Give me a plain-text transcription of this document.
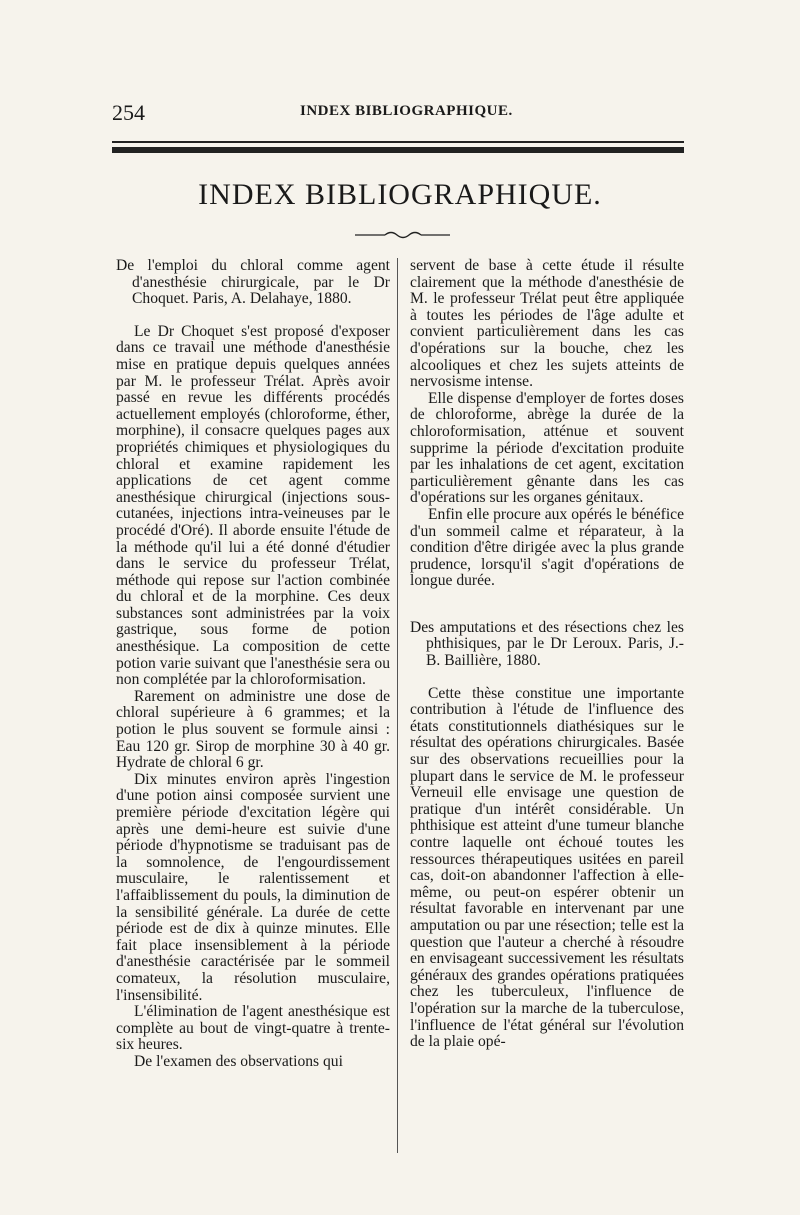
254	INDEX BIBLIOGRAPHIQUE.
INDEX BIBLIOGRAPHIQUE.

De l'emploi du chloral comme agent d'anesthésie chirurgicale, par le Dr Choquet. Paris, A. Delahaye, 1880.

Le Dr Choquet s'est proposé d'exposer dans ce travail une méthode d'anesthésie mise en pratique depuis quelques années par M. le professeur Trélat. Après avoir passé en revue les différents procédés actuellement employés (chloroforme, éther, morphine), il consacre quelques pages aux propriétés chimiques et physiologiques du chloral et examine rapidement les applications de cet agent comme anesthésique chirurgical (injections sous-cutanées, injections intra-veineuses par le procédé d'Oré). Il aborde ensuite l'étude de la méthode qu'il lui a été donné d'étudier dans le service du professeur Trélat, méthode qui repose sur l'action combinée du chloral et de la morphine. Ces deux substances sont administrées par la voix gastrique, sous forme de potion anesthésique. La composition de cette potion varie suivant que l'anesthésie sera ou non complétée par la chloroformisation.

Rarement on administre une dose de chloral supérieure à 6 grammes; et la potion le plus souvent se formule ainsi : Eau 120 gr. Sirop de morphine 30 à 40 gr. Hydrate de chloral 6 gr.

Dix minutes environ après l'ingestion d'une potion ainsi composée survient une première période d'excitation légère qui après une demi-heure est suivie d'une période d'hypnotisme se traduisant pas de la somnolence, de l'engourdissement musculaire, le ralentissement et l'affaiblissement du pouls, la diminution de la sensibilité générale. La durée de cette période est de dix à quinze minutes. Elle fait place insensiblement à la période d'anesthésie caractérisée par le sommeil comateux, la résolution musculaire, l'insensibilité.

L'élimination de l'agent anesthésique est complète au bout de vingt-quatre à trente-six heures.

De l'examen des observations qui

servent de base à cette étude il résulte clairement que la méthode d'anesthésie de M. le professeur Trélat peut être appliquée à toutes les périodes de l'âge adulte et convient particulièrement dans les cas d'opérations sur la bouche, chez les alcooliques et chez les sujets atteints de nervosisme intense.

Elle dispense d'employer de fortes doses de chloroforme, abrège la durée de la chloroformisation, atténue et souvent supprime la période d'excitation produite par les inhalations de cet agent, excitation particulièrement gênante dans les cas d'opérations sur les organes génitaux.

Enfin elle procure aux opérés le bénéfice d'un sommeil calme et réparateur, à la condition d'être dirigée avec la plus grande prudence, lorsqu'il s'agit d'opérations de longue durée.

Des amputations et des résections chez les phthisiques, par le Dr Leroux. Paris, J.-B. Baillière, 1880.

Cette thèse constitue une importante contribution à l'étude de l'influence des états constitutionnels diathésiques sur le résultat des opérations chirurgicales. Basée sur des observations recueillies pour la plupart dans le service de M. le professeur Verneuil elle envisage une question de pratique d'un intérêt considérable. Un phthisique est atteint d'une tumeur blanche contre laquelle ont échoué toutes les ressources thérapeutiques usitées en pareil cas, doit-on abandonner l'affection à elle-même, ou peut-on espérer obtenir un résultat favorable en intervenant par une amputation ou par une résection; telle est la question que l'auteur a cherché à résoudre en envisageant successivement les résultats généraux des grandes opérations pratiquées chez les tuberculeux, l'influence de l'opération sur la marche de la tuberculose, l'influence de l'état général sur l'évolution de la plaie opé-
